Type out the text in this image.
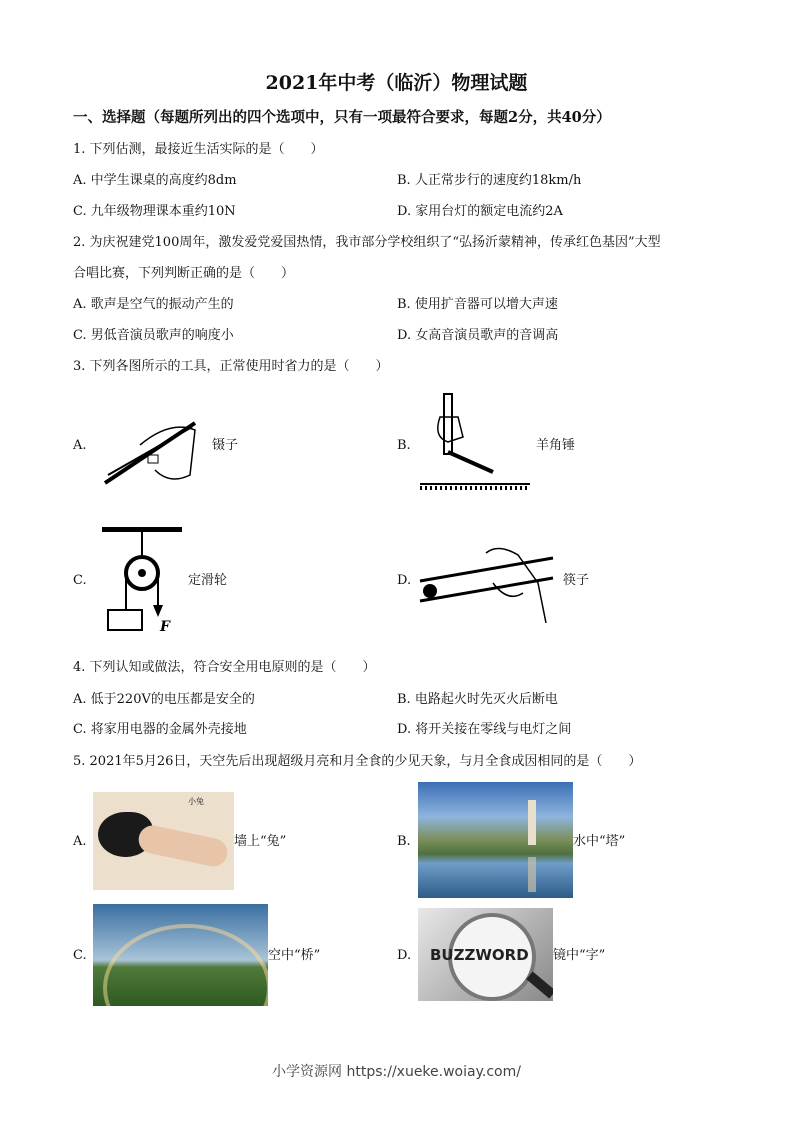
2021年中考（临沂）物理试题
一、选择题（每题所列出的四个选项中，只有一项最符合要求，每题2分，共40分）
1. 下列估测，最接近生活实际的是（　　）
A. 中学生课桌的高度约8dm	B. 人正常步行的速度约18km/h
C. 九年级物理课本重约10N	D. 家用台灯的额定电流约2A
2. 为庆祝建党100周年，激发爱党爱国热情，我市部分学校组织了“弘扬沂蒙精神，传承红色基因”大型
合唱比赛，下列判断正确的是（　　）
A. 歌声是空气的振动产生的	B. 使用扩音器可以增大声速
C. 男低音演员歌声的响度小	D. 女高音演员歌声的音调高
3. 下列各图所示的工具，正常使用时省力的是（　　）
A.	镊子	B.	羊角锤
C.
F
定滑轮	D.	筷子
4. 下列认知或做法，符合安全用电原则的是（　　）
A. 低于220V的电压都是安全的	B. 电路起火时先灭火后断电
C. 将家用电器的金属外壳接地	D. 将开关接在零线与电灯之间
5. 2021年5月26日，天空先后出现超级月亮和月全食的少见天象，与月全食成因相同的是（　　）
A.
小兔
墙上“兔”	B.	水中“塔”
C.	空中“桥”	D. BUZZWORD 镜中“字”
小学资源网 https://xueke.woiay.com/
